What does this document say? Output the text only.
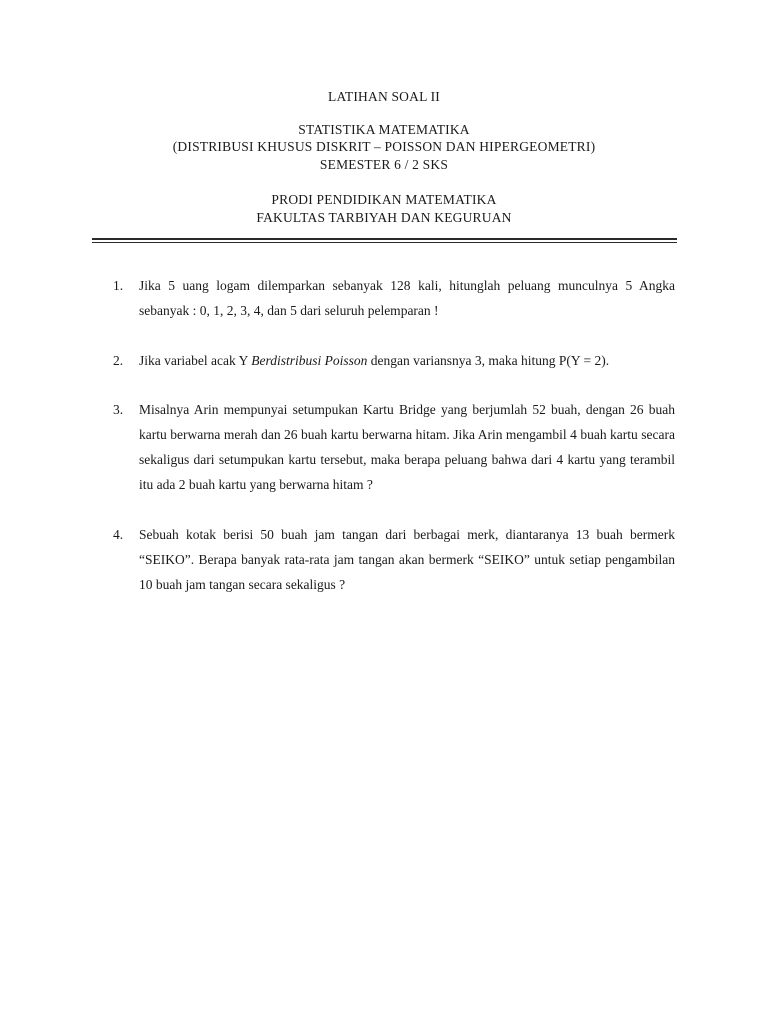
LATIHAN SOAL II
STATISTIKA MATEMATIKA
(DISTRIBUSI KHUSUS DISKRIT – POISSON DAN HIPERGEOMETRI)
SEMESTER 6 / 2 SKS
PRODI PENDIDIKAN MATEMATIKA
FAKULTAS TARBIYAH DAN KEGURUAN
1. Jika 5 uang logam dilemparkan sebanyak 128 kali, hitunglah peluang munculnya 5 Angka sebanyak : 0, 1, 2, 3, 4, dan 5 dari seluruh pelemparan !
2. Jika variabel acak Y Berdistribusi Poisson dengan variansnya 3, maka hitung P(Y = 2).
3. Misalnya Arin mempunyai setumpukan Kartu Bridge yang berjumlah 52 buah, dengan 26 buah kartu berwarna merah dan 26 buah kartu berwarna hitam. Jika Arin mengambil 4 buah kartu secara sekaligus dari setumpukan kartu tersebut, maka berapa peluang bahwa dari 4 kartu yang terambil itu ada 2 buah kartu yang berwarna hitam ?
4. Sebuah kotak berisi 50 buah jam tangan dari berbagai merk, diantaranya 13 buah bermerk “SEIKO”. Berapa banyak rata-rata jam tangan akan bermerk “SEIKO” untuk setiap pengambilan 10 buah jam tangan secara sekaligus ?
